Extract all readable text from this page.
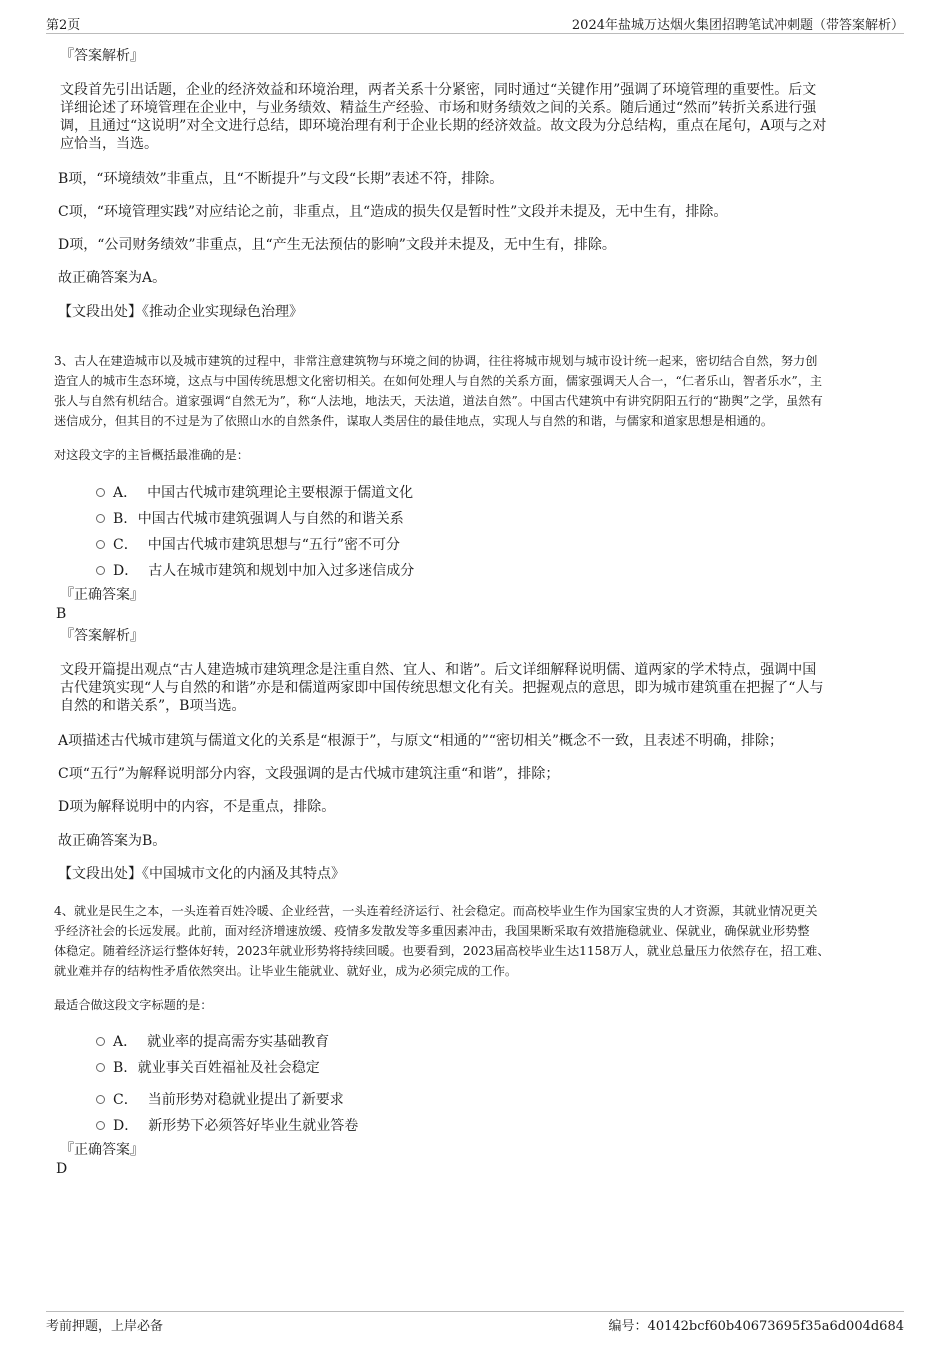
第2页	2024年盐城万达烟火集团招聘笔试冲刺题（带答案解析）
『答案解析』
文段首先引出话题，企业的经济效益和环境治理，两者关系十分紧密，同时通过“关键作用”强调了环境管理的重要性。后文
详细论述了环境管理在企业中，与业务绩效、精益生产经验、市场和财务绩效之间的关系。随后通过“然而”转折关系进行强
调，且通过“这说明”对全文进行总结，即环境治理有利于企业长期的经济效益。故文段为分总结构，重点在尾句，A项与之对
应恰当，当选。
B项，“环境绩效”非重点，且“不断提升”与文段“长期”表述不符，排除。
C项，“环境管理实践”对应结论之前，非重点，且“造成的损失仅是暂时性”文段并未提及，无中生有，排除。
D项，“公司财务绩效”非重点，且“产生无法预估的影响”文段并未提及，无中生有，排除。
故正确答案为A。
【文段出处】《推动企业实现绿色治理》
3、古人在建造城市以及城市建筑的过程中，非常注意建筑物与环境之间的协调，往往将城市规划与城市设计统一起来，密切结合自然，努力创
造宜人的城市生态环境，这点与中国传统思想文化密切相关。在如何处理人与自然的关系方面，儒家强调天人合一，“仁者乐山，智者乐水”，主
张人与自然有机结合。道家强调“自然无为”，称“人法地，地法天，天法道，道法自然”。中国古代建筑中有讲究阴阳五行的“勘舆”之学，虽然有
迷信成分，但其目的不过是为了依照山水的自然条件，谋取人类居住的最佳地点，实现人与自然的和谐，与儒家和道家思想是相通的。
对这段文字的主旨概括最准确的是：
A． 中国古代城市建筑理论主要根源于儒道文化
B. 中国古代城市建筑强调人与自然的和谐关系
C． 中国古代城市建筑思想与“五行”密不可分
D． 古人在城市建筑和规划中加入过多迷信成分
『正确答案』
B
『答案解析』
文段开篇提出观点“古人建造城市建筑理念是注重自然、宜人、和谐”。后文详细解释说明儒、道两家的学术特点，强调中国
古代建筑实现“人与自然的和谐”亦是和儒道两家即中国传统思想文化有关。把握观点的意思，即为城市建筑重在把握了“人与
自然的和谐关系”，B项当选。
A项描述古代城市建筑与儒道文化的关系是“根源于”，与原文“相通的”“密切相关”概念不一致，且表述不明确，排除；
C项“五行”为解释说明部分内容，文段强调的是古代城市建筑注重“和谐”，排除；
D项为解释说明中的内容，不是重点，排除。
故正确答案为B。
【文段出处】《中国城市文化的内涵及其特点》
4、就业是民生之本，一头连着百姓冷暖、企业经营，一头连着经济运行、社会稳定。而高校毕业生作为国家宝贵的人才资源，其就业情况更关
乎经济社会的长远发展。此前，面对经济增速放缓、疫情多发散发等多重因素冲击，我国果断采取有效措施稳就业、保就业，确保就业形势整
体稳定。随着经济运行整体好转，2023年就业形势将持续回暖。也要看到，2023届高校毕业生达1158万人，就业总量压力依然存在，招工难、
就业难并存的结构性矛盾依然突出。让毕业生能就业、就好业，成为必须完成的工作。
最适合做这段文字标题的是：
A． 就业率的提高需夯实基础教育
B. 就业事关百姓福祉及社会稳定
C． 当前形势对稳就业提出了新要求
D． 新形势下必须答好毕业生就业答卷
『正确答案』
D
考前押题，上岸必备	编号：40142bcf60b40673695f35a6d004d684
